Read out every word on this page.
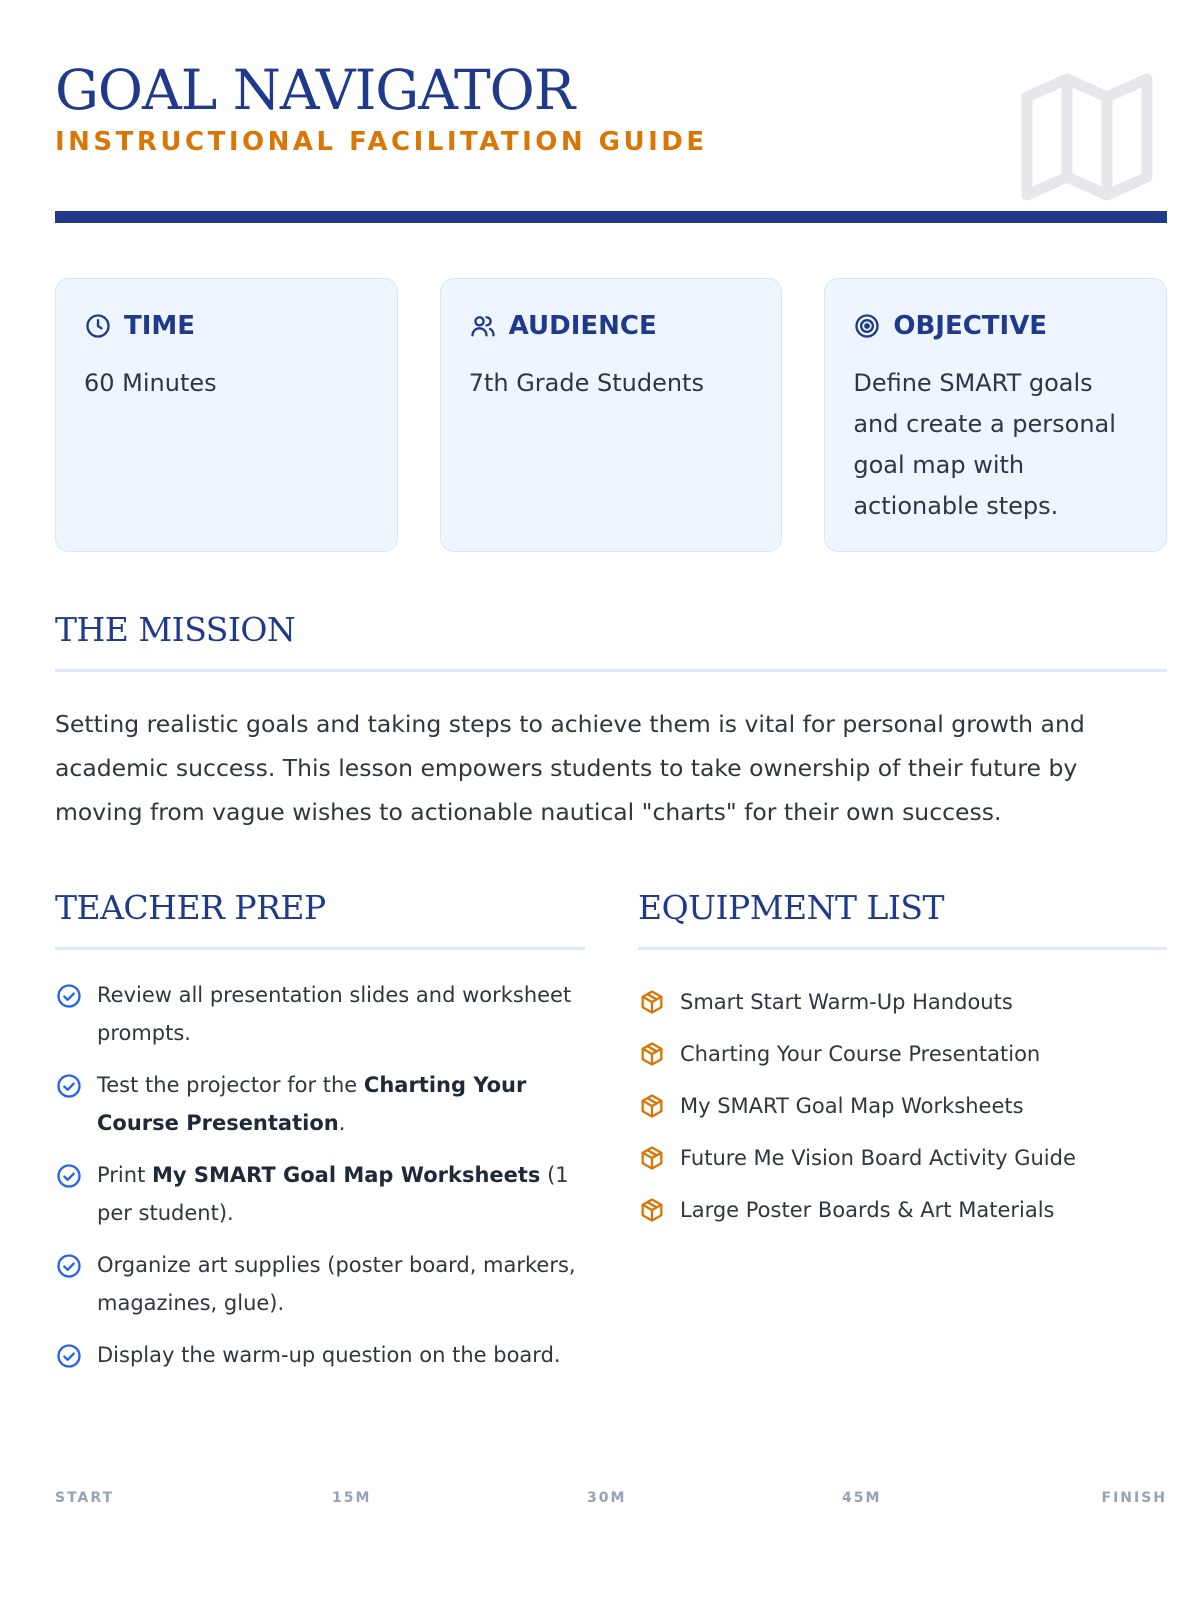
GOAL NAVIGATOR
INSTRUCTIONAL FACILITATION GUIDE
TIME
60 Minutes
AUDIENCE
7th Grade Students
OBJECTIVE
Define SMART goals and create a personal goal map with actionable steps.
THE MISSION

Setting realistic goals and taking steps to achieve them is vital for personal growth and academic success. This lesson empowers students to take ownership of their future by moving from vague wishes to actionable nautical "charts" for their own success.

TEACHER PREP
Review all presentation slides and worksheet prompts.
Test the projector for the Charting Your Course Presentation.
Print My SMART Goal Map Worksheets (1 per student).
Organize art supplies (poster board, markers, magazines, glue).
Display the warm-up question on the board.
EQUIPMENT LIST
Smart Start Warm-Up Handouts
Charting Your Course Presentation
My SMART Goal Map Worksheets
Future Me Vision Board Activity Guide
Large Poster Boards & Art Materials
START	15M	30M	45M	FINISH
